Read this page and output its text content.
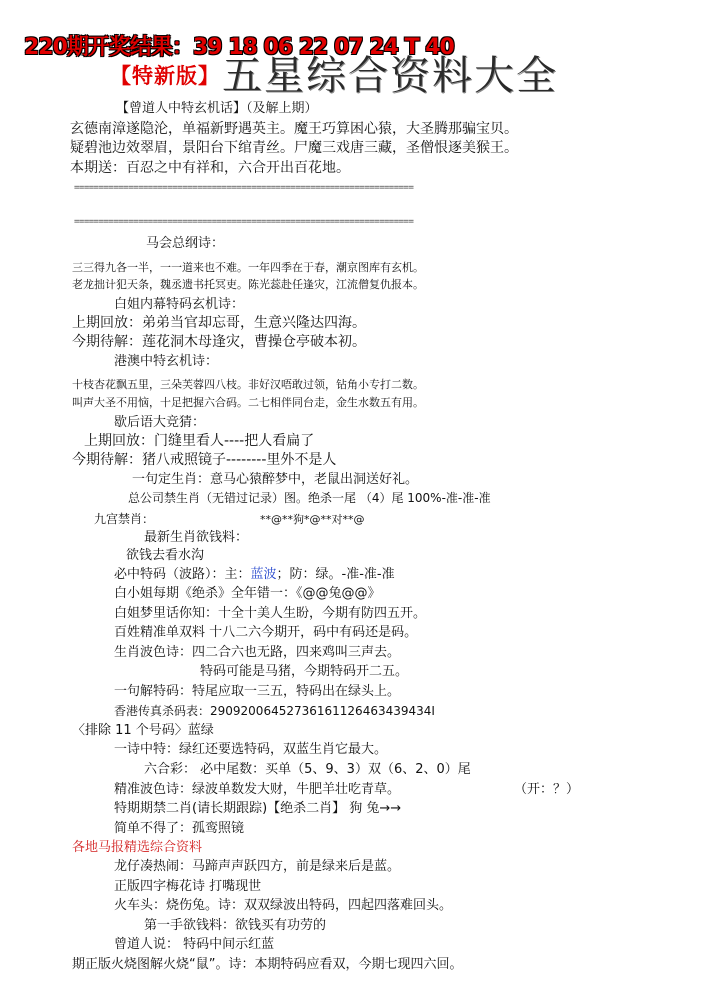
220期开奖结果：39 18 06 22 07 24 T 40
【特新版】 五星综合资料大全
【曾道人中特玄机话】（及解上期）
玄德南漳遂隐沦，单福新野遇英主。魔王巧算困心猿，大圣腾那骗宝贝。
疑碧池边效翠眉，景阳台下绾青丝。尸魔三戏唐三藏，圣僧恨逐美猴王。
本期送：百忍之中有祥和，六合开出百花地。
=====================================================================
=====================================================================
马会总纲诗：
三三得九各一半，一一道来也不难。一年四季在于春，潮京图库有玄机。
老龙拙计犯天条，魏丞遗书托冥吏。陈光蕊赴任逢灾，江流僧复仇报本。
白姐内幕特码玄机诗：
上期回放：弟弟当官却忘哥，生意兴隆达四海。
今期待解：莲花洞木母逢灾，曹操仓亭破本初。
港澳中特玄机诗：
十枝杏花飘五里，三朵芙蓉四八枝。非好汉唔敢过领，钻角小专打二数。
叫声大圣不用恼，十足把握六合码。二七相伴同台走，金生水数五有用。
歇后语大竞猜：
上期回放：门缝里看人----把人看扁了
今期待解：猪八戒照镜子--------里外不是人
一句定生肖：意马心猿醉梦中，老鼠出洞送好礼。
总公司禁生肖（无错过记录）图。绝杀一尾 （4）尾 100%-准-准-准
九宫禁肖：	**@**狗*@**对**@
最新生肖欲钱料：
欲钱去看水沟
必中特码（波路）：主：蓝波；防：绿。-准-准-准
白小姐每期《绝杀》全年错一：《@@兔@@》
白姐梦里话你知：十全十美人生盼，今期有防四五开。
百姓精准单双料 十八二六今期开，码中有码还是码。
生肖波色诗：四二合六也无路，四来鸡叫三声去。
特码可能是马猪，今期特码开二五。
一句解特码：特尾应取一三五，特码出在绿头上。
香港传真杀码表：29092006452736161126463439434I
〈排除 11 个号码〉蓝绿
一诗中特：绿红还要选特码，双蓝生肖它最大。
六合彩： 必中尾数：买单（5、9、3）双（6、2、0）尾
精准波色诗：绿波单数发大财，牛肥羊壮吃青草。	（开：？）
特期期禁二肖(请长期跟踪)【绝杀二肖】 狗 兔→→
简单不得了：孤鸾照镜
各地马报精选综合资料
龙仔凑热闹：马蹄声声跃四方，前是绿来后是蓝。
正版四字梅花诗 打嘴现世
火车头：烧伤兔。诗：双双绿波出特码，四起四落难回头。
第一手欲钱料：欲钱买有功劳的
曾道人说： 特码中间示红蓝
期正版火烧图解火烧“鼠”。诗：本期特码应看双，今期七现四六回。
